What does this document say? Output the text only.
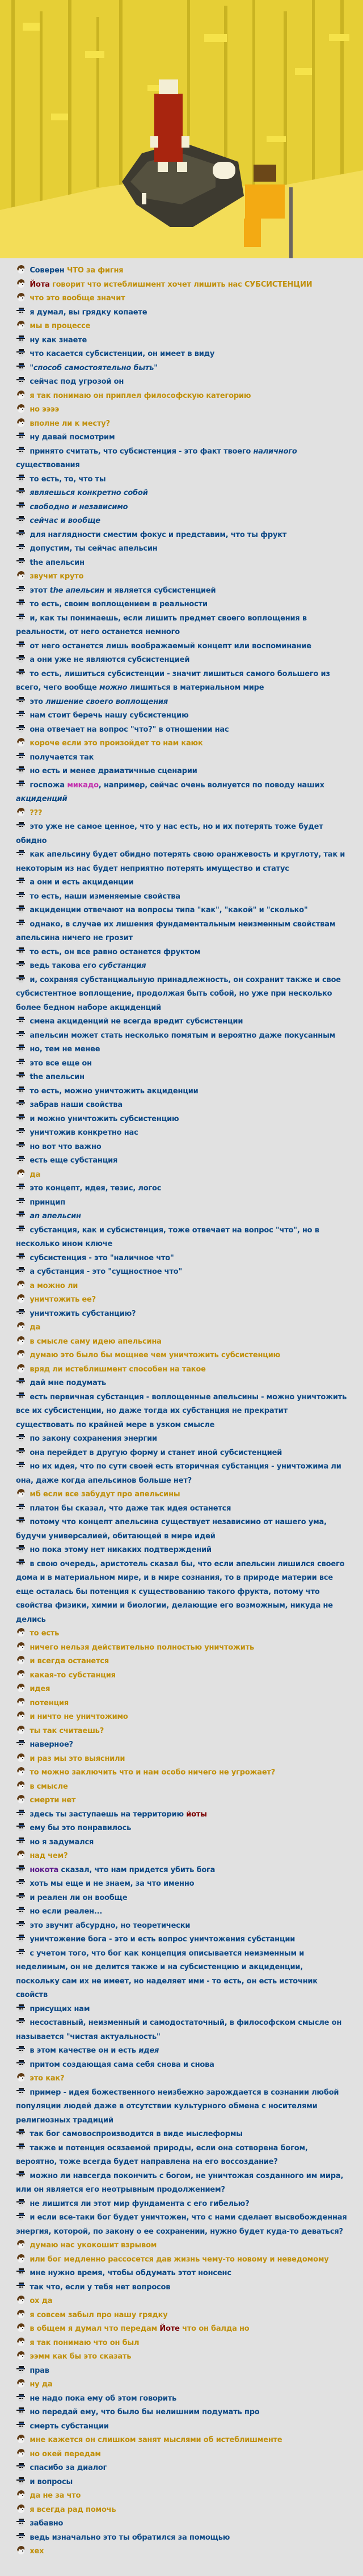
Соверен ЧТО за фигня
Йота говорит что истеблишмент хочет лишить нас СУБСИСТЕНЦИИ
что это вообще значит
я думал, вы грядку копаете
мы в процессе
ну как знаете
что касается субсистенции, он имеет в виду
"способ самостоятельно быть"
сейчас под угрозой он
я так понимаю он приплел философскую категорию
но ээээ
вполне ли к месту?
ну давай посмотрим
принято считать, что субсистенция - это факт твоего наличного существования
то есть, то, что ты
являешься конкретно собой
свободно и независимо
сейчас и вообще
для наглядности сместим фокус и представим, что ты фрукт
допустим, ты сейчас апельсин
the апельсин
звучит круто
этот the апельсин и является субсистенцией
то есть, своим воплощением в реальности
и, как ты понимаешь, если лишить предмет своего воплощения в реальности, от него останется немного
от него останется лишь воображаемый концепт или воспоминание
а они уже не являются субсистенцией
то есть, лишиться субсистенции - значит лишиться самого большего из всего, чего вообще можно лишиться в материальном мире
это лишение своего воплощения
нам стоит беречь нашу субсистенцию
она отвечает на вопрос "что?" в отношении нас
короче если это произойдет то нам каюк
получается так
но есть и менее драматичные сценарии
госпожа микадо, например, сейчас очень волнуется по поводу наших акциденций
???
это уже не самое ценное, что у нас есть, но и их потерять тоже будет обидно
как апельсину будет обидно потерять свою оранжевость и круглоту, так и некоторым из нас будет неприятно потерять имущество и статус
а они и есть акциденции
то есть, наши изменяемые свойства
акциденции отвечают на вопросы типа "как", "какой" и "сколько"
однако, в случае их лишения фундаментальным неизменным свойствам апельсина ничего не грозит
то есть, он все равно останется фруктом
ведь такова его субстанция
и, сохраняя субстанциальную принадлежность, он сохранит также и свое субсистентное воплощение, продолжая быть собой, но уже при несколько более бедном наборе акциденций
смена акциденций не всегда вредит субсистенции
апельсин может стать несколько помятым и вероятно даже покусанным
но, тем не менее
это все еще он
the апельсин
то есть, можно уничтожить акциденции
забрав наши свойства
и можно уничтожить субсистенцию
уничтожив конкретно нас
но вот что важно
есть еще субстанция
да
это концепт, идея, тезис, логос
принцип
an апельсин
субстанция, как и субсистенция, тоже отвечает на вопрос "что", но в несколько ином ключе
субсистенция - это "наличное что"
а субстанция - это "сущностное что"
а можно ли
уничтожить ее?
уничтожить субстанцию?
да
в смысле саму идею апельсина
думаю это было бы мощнее чем уничтожить субсистенцию
вряд ли истеблишмент способен на такое
дай мне подумать
есть первичная субстанция - воплощенные апельсины - можно уничтожить все их субсистенции, но даже тогда их субстанция не прекратит существовать по крайней мере в узком смысле
по закону сохранения энергии
она перейдет в другую форму и станет иной субсистенцией
но их идея, что по сути своей есть вторичная субстанция - уничтожима ли она, даже когда апельсинов больше нет?
мб если все забудут про апельсины
платон бы сказал, что даже так идея останется
потому что концепт апельсина существует независимо от нашего ума, будучи универсалией, обитающей в мире идей
но пока этому нет никаких подтверждений
в свою очередь, аристотель сказал бы, что если апельсин лишился своего дома и в материальном мире, и в мире сознания, то в природе материи все еще осталась бы потенция к существованию такого фрукта, потому что свойства физики, химии и биологии, делающие его возможным, никуда не делись
то есть
ничего нельзя действительно полностью уничтожить
и всегда останется
какая-то субстанция
идея
потенция
и ничто не уничтожимо
ты так считаешь?
наверное?
и раз мы это выяснили
то можно заключить что и нам особо ничего не угрожает?
в смысле
смерти нет
здесь ты заступаешь на территорию йоты
ему бы это понравилось
но я задумался
над чем?
нокота сказал, что нам придется убить бога
хоть мы еще и не знаем, за что именно
и реален ли он вообще
но если реален...
это звучит абсурдно, но теоретически
уничтожение бога - это и есть вопрос уничтожения субстанции
с учетом того, что бог как концепция описывается неизменным и неделимым, он не делится также и на субсистенцию и акциденции, поскольку сам их не имеет, но наделяет ими - то есть, он есть источник свойств
присущих нам
несоставный, неизменный и самодостаточный, в философском смысле он называется "чистая актуальность"
в этом качестве он и есть идея
притом создающая сама себя снова и снова
это как?
пример - идея божественного неизбежно зарождается в сознании любой популяции людей даже в отсутствии культурного обмена с носителями религиозных традиций
так бог самовоспроизводится в виде мыслеформы
также и потенция осязаемой природы, если она сотворена богом, вероятно, тоже всегда будет направлена на его воссоздание?
можно ли навсегда покончить с богом, не уничтожая созданного им мира, или он является его неотрывным продолжением?
не лишится ли этот мир фундамента с его гибелью?
и если все-таки бог будет уничтожен, что с нами сделает высвобожденная энергия, которой, по закону о ее сохранении, нужно будет куда-то деваться?
думаю нас укокошит взрывом
или бог медленно рассосется дав жизнь чему-то новому и неведомому
мне нужно время, чтобы обдумать этот нонсенс
так что, если у тебя нет вопросов
ох да
я совсем забыл про нашу грядку
в общем я думал что передам Йоте что он балда но
я так понимаю что он был
ээмм как бы это сказать
прав
ну да
не надо пока ему об этом говорить
но передай ему, что было бы нелишним подумать про
смерть субстанции
мне кажется он слишком занят мыслями об истеблишменте
но окей передам
спасибо за диалог
и вопросы
да не за что
я всегда рад помочь
забавно
ведь изначально это ты обратился за помощью
хех
